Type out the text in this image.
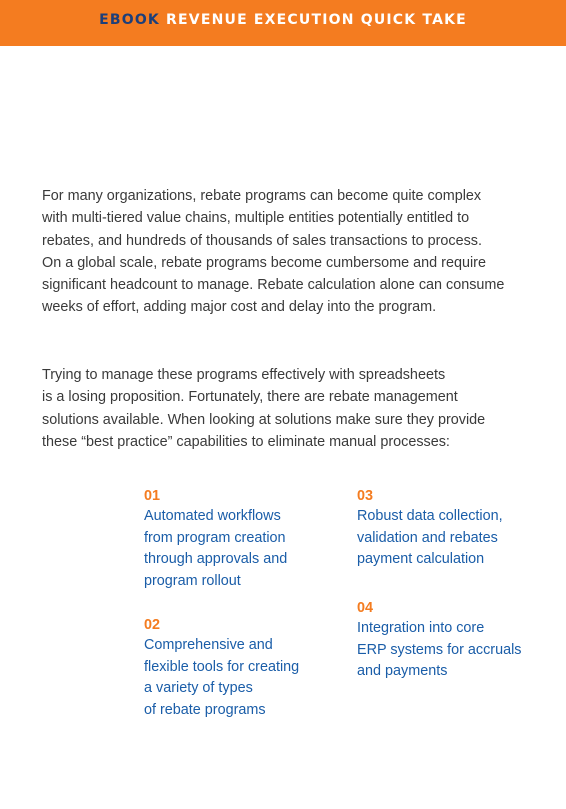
EBOOK REVENUE EXECUTION QUICK TAKE

For many organizations, rebate programs can become quite complex
with multi-tiered value chains, multiple entities potentially entitled to
rebates, and hundreds of thousands of sales transactions to process.
On a global scale, rebate programs become cumbersome and require
significant headcount to manage. Rebate calculation alone can consume
weeks of effort, adding major cost and delay into the program.

Trying to manage these programs effectively with spreadsheets
is a losing proposition. Fortunately, there are rebate management
solutions available. When looking at solutions make sure they provide
these “best practice” capabilities to eliminate manual processes:

01
Automated workflows
from program creation
through approvals and
program rollout
02
Comprehensive and
flexible tools for creating
a variety of types
of rebate programs
03
Robust data collection,
validation and rebates
payment calculation
04
Integration into core
ERP systems for accruals
and payments
